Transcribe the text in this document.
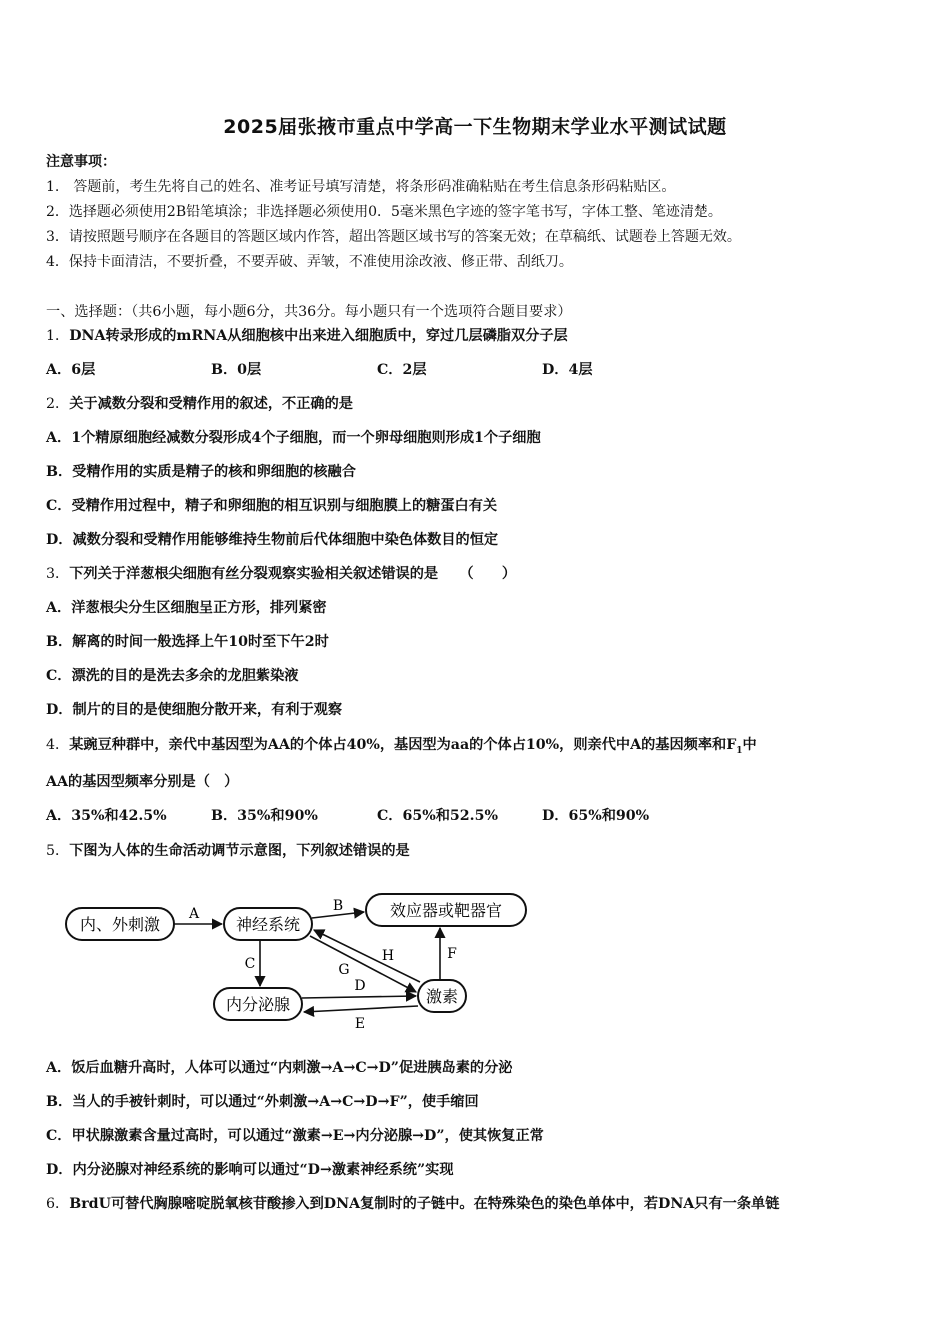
2025届张掖市重点中学高一下生物期末学业水平测试试题
注意事项：
1.　答题前，考生先将自己的姓名、准考证号填写清楚，将条形码准确粘贴在考生信息条形码粘贴区。
2．选择题必须使用2B铅笔填涂；非选择题必须使用0．5毫米黑色字迹的签字笔书写，字体工整、笔迹清楚。
3．请按照题号顺序在各题目的答题区域内作答，超出答题区域书写的答案无效；在草稿纸、试题卷上答题无效。
4．保持卡面清洁，不要折叠，不要弄破、弄皱，不准使用涂改液、修正带、刮纸刀。
一、选择题：（共6小题，每小题6分，共36分。每小题只有一个选项符合题目要求）
1．DNA转录形成的mRNA从细胞核中出来进入细胞质中，穿过几层磷脂双分子层
A．6层	B．0层	C．2层	D．4层
2．关于减数分裂和受精作用的叙述，不正确的是
A．1个精原细胞经减数分裂形成4个子细胞，而一个卵母细胞则形成1个子细胞
B．受精作用的实质是精子的核和卵细胞的核融合
C．受精作用过程中，精子和卵细胞的相互识别与细胞膜上的糖蛋白有关
D．减数分裂和受精作用能够维持生物前后代体细胞中染色体数目的恒定
3．下列关于洋葱根尖细胞有丝分裂观察实验相关叙述错误的是　　（　　）
A．洋葱根尖分生区细胞呈正方形，排列紧密
B．解离的时间一般选择上午10时至下午2时
C．漂洗的目的是洗去多余的龙胆紫染液
D．制片的目的是使细胞分散开来，有利于观察
4．某豌豆种群中，亲代中基因型为AA的个体占40%，基因型为aa的个体占10%，则亲代中A的基因频率和$F_1$中
AA的基因型频率分别是（　）
A．35%和42.5%	B．35%和90%	C．65%和52.5%	D．65%和90%
5．下图为人体的生命活动调节示意图，下列叙述错误的是
内、外刺激	神经系统
效应器或靶器官
内分泌腺	激素
A	B
C
D
E
F
G
H
A．饭后血糖升高时，人体可以通过“内刺激→A→C→D”促进胰岛素的分泌
B．当人的手被针刺时，可以通过“外刺激→A→C→D→F”，使手缩回
C．甲状腺激素含量过高时，可以通过“激素→E→内分泌腺→D”，使其恢复正常
D．内分泌腺对神经系统的影响可以通过“D→激素神经系统”实现
6．BrdU可替代胸腺嘧啶脱氧核苷酸掺入到DNA复制时的子链中。在特殊染色的染色单体中，若DNA只有一条单链
